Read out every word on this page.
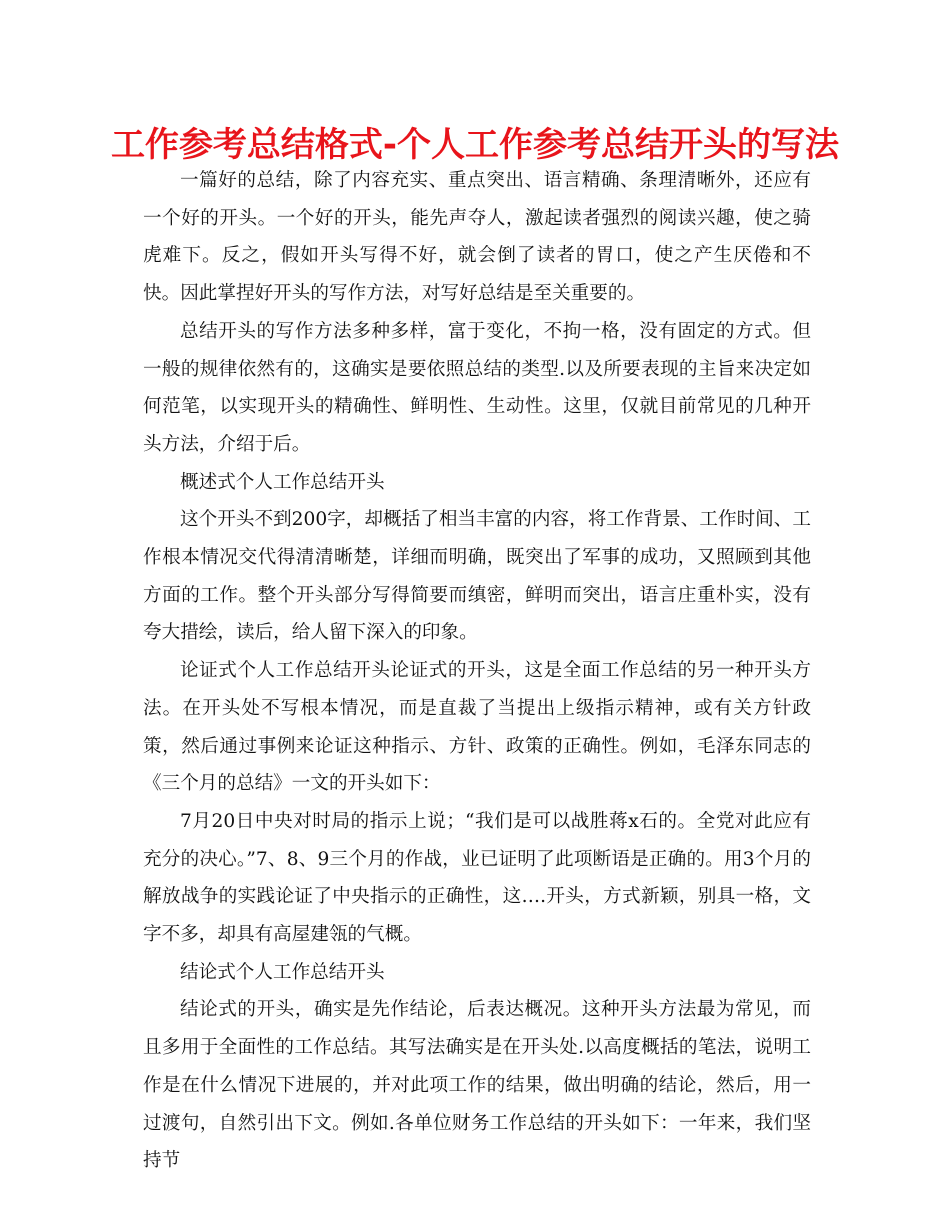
工作参考总结格式-个人工作参考总结开头的写法

一篇好的总结，除了内容充实、重点突出、语言精确、条理清晰外，还应有一个好的开头。一个好的开头，能先声夺人，激起读者强烈的阅读兴趣，使之骑虎难下。反之，假如开头写得不好，就会倒了读者的胃口，使之产生厌倦和不快。因此掌捏好开头的写作方法，对写好总结是至关重要的。

总结开头的写作方法多种多样，富于变化，不拘一格，没有固定的方式。但一般的规律依然有的，这确实是要依照总结的类型.以及所要表现的主旨来决定如何范笔，以实现开头的精确性、鲜明性、生动性。这里，仅就目前常见的几种开头方法，介绍于后。

概述式个人工作总结开头

这个开头不到200字，却概括了相当丰富的内容，将工作背景、工作时间、工作根本情况交代得清清晰楚，详细而明确，既突出了军事的成功，又照顾到其他方面的工作。整个开头部分写得简要而缜密，鲜明而突出，语言庄重朴实，没有夸大措绘，读后，给人留下深入的印象。

论证式个人工作总结开头论证式的开头，这是全面工作总结的另一种开头方法。在开头处不写根本情况，而是直裁了当提出上级指示精神，或有关方针政策，然后通过事例来论证这种指示、方针、政策的正确性。例如，毛泽东同志的《三个月的总结》一文的开头如下：

7月20日中央对时局的指示上说；“我们是可以战胜蒋x石的。全党对此应有充分的决心。”7、8、9三个月的作战，业已证明了此项断语是正确的。用3个月的解放战争的实践论证了中央指示的正确性，这….开头，方式新颖，别具一格，文字不多，却具有高屋建瓴的气概。

结论式个人工作总结开头

结论式的开头，确实是先作结论，后表达概况。这种开头方法最为常见，而且多用于全面性的工作总结。其写法确实是在开头处.以高度概括的笔法，说明工作是在什么情况下进展的，并对此项工作的结果，做出明确的结论，然后，用一过渡句，自然引出下文。例如.各单位财务工作总结的开头如下：一年来，我们坚持节
